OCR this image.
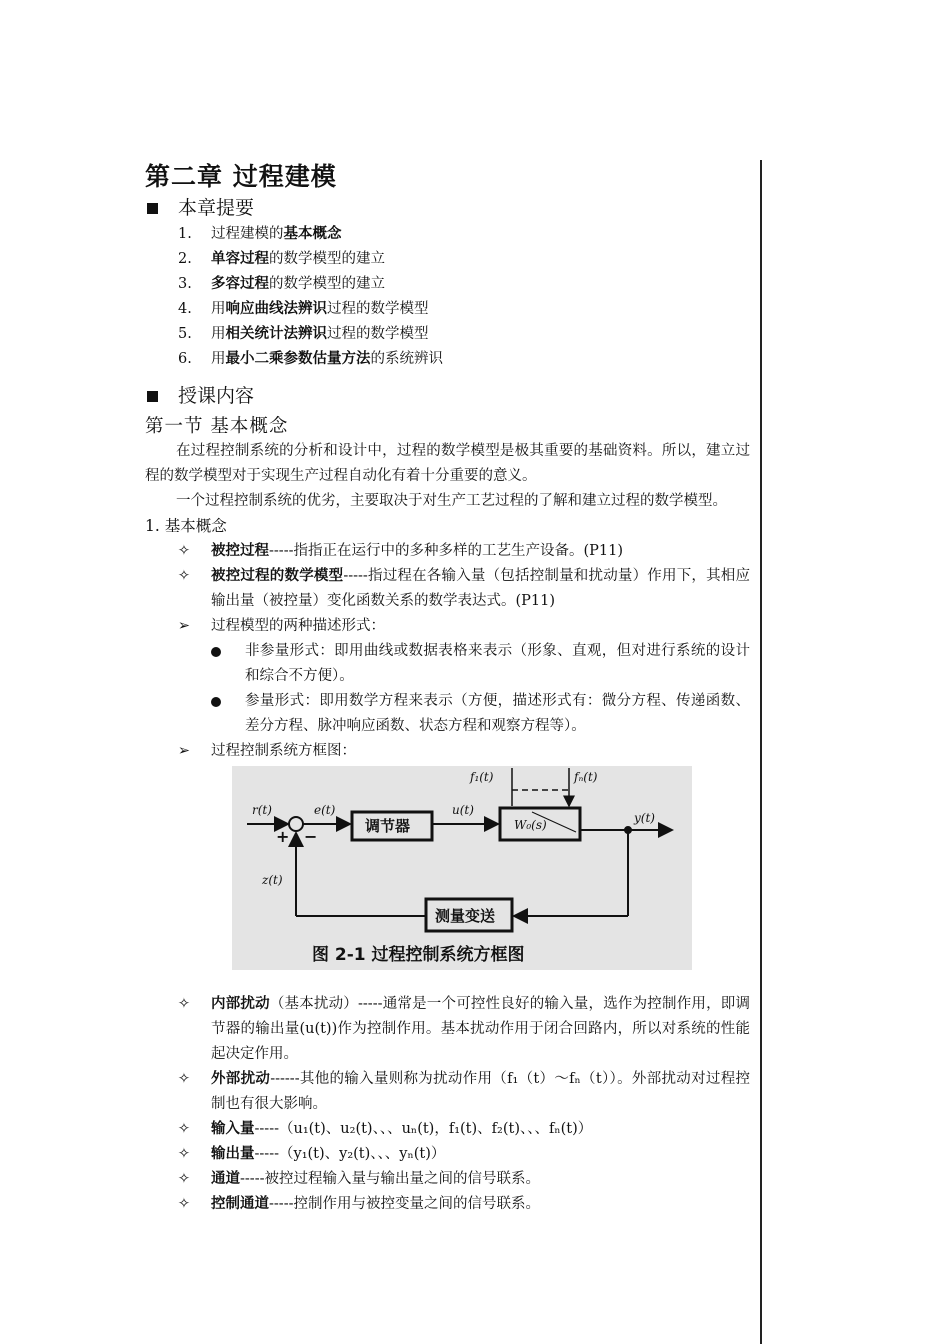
第二章 过程建模
本章提要
1.	过程建模的基本概念
2.	单容过程的数学模型的建立
3.	多容过程的数学模型的建立
4.	用响应曲线法辨识过程的数学模型
5.	用相关统计法辨识过程的数学模型
6.	用最小二乘参数估量方法的系统辨识
授课内容
第一节 基本概念

在过程控制系统的分析和设计中，过程的数学模型是极其重要的基础资料。所以，建立过程的数学模型对于实现生产过程自动化有着十分重要的意义。

一个过程控制系统的优劣，主要取决于对生产工艺过程的了解和建立过程的数学模型。

1. 基本概念
✧	被控过程-----指指正在运行中的多种多样的工艺生产设备。(P11)
✧	被控过程的数学模型-----指过程在各输入量（包括控制量和扰动量）作用下，其相应输出量（被控量）变化函数关系的数学表达式。(P11)
➢	过程模型的两种描述形式：
非参量形式：即用曲线或数据表格来表示（形象、直观，但对进行系统的设计和综合不方便）。
参量形式：即用数学方程来表示（方便，描述形式有：微分方程、传递函数、差分方程、脉冲响应函数、状态方程和观察方程等）。
➢	过程控制系统方框图：
r(t)	e(t)	u(t)
y(t)
z(t)
f₁(t)	fₙ(t)
W₀(s)
+ −
调节器
测量变送
图 2-1 过程控制系统方框图
✧	内部扰动（基本扰动）-----通常是一个可控性良好的输入量，选作为控制作用，即调节器的输出量(u(t))作为控制作用。基本扰动作用于闭合回路内，所以对系统的性能起决定作用。
✧	外部扰动------其他的输入量则称为扰动作用（f₁（t）～fₙ（t））。外部扰动对过程控制也有很大影响。
✧	输入量-----（u₁(t)、u₂(t)、、、uₙ(t)，f₁(t)、f₂(t)、、、fₙ(t)）
✧	输出量-----（y₁(t)、y₂(t)、、、yₙ(t)）
✧	通道-----被控过程输入量与输出量之间的信号联系。
✧	控制通道-----控制作用与被控变量之间的信号联系。
